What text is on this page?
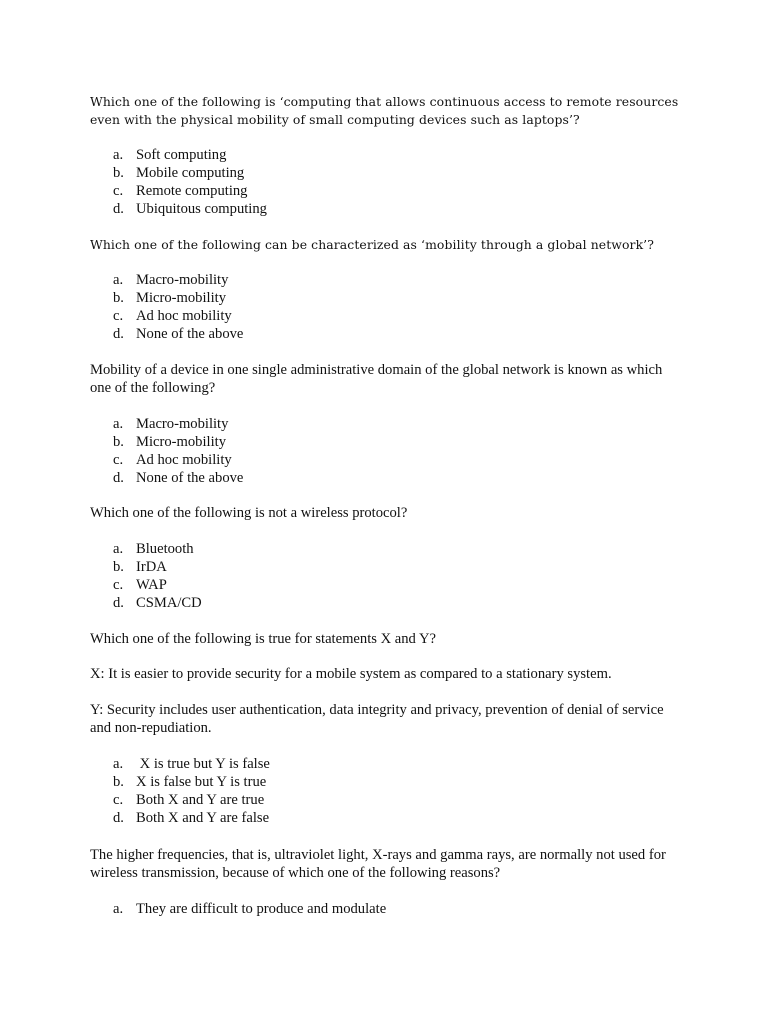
Which one of the following is ‘computing that allows continuous access to remote resources even with the physical mobility of small computing devices such as laptops’?

a. Soft computing
b. Mobile computing
c. Remote computing
d. Ubiquitous computing

Which one of the following can be characterized as ‘mobility through a global network’?

a. Macro-mobility
b. Micro-mobility
c. Ad hoc mobility
d. None of the above

Mobility of a device in one single administrative domain of the global network is known as which one of the following?

a. Macro-mobility
b. Micro-mobility
c. Ad hoc mobility
d. None of the above

Which one of the following is not a wireless protocol?

a. Bluetooth
b. IrDA
c. WAP
d. CSMA/CD

Which one of the following is true for statements X and Y?

X: It is easier to provide security for a mobile system as compared to a stationary system.

Y: Security includes user authentication, data integrity and privacy, prevention of denial of service and non-repudiation.

a. X is true but Y is false
b. X is false but Y is true
c. Both X and Y are true
d. Both X and Y are false

The higher frequencies, that is, ultraviolet light, X-rays and gamma rays, are normally not used for wireless transmission, because of which one of the following reasons?

a. They are difficult to produce and modulate
